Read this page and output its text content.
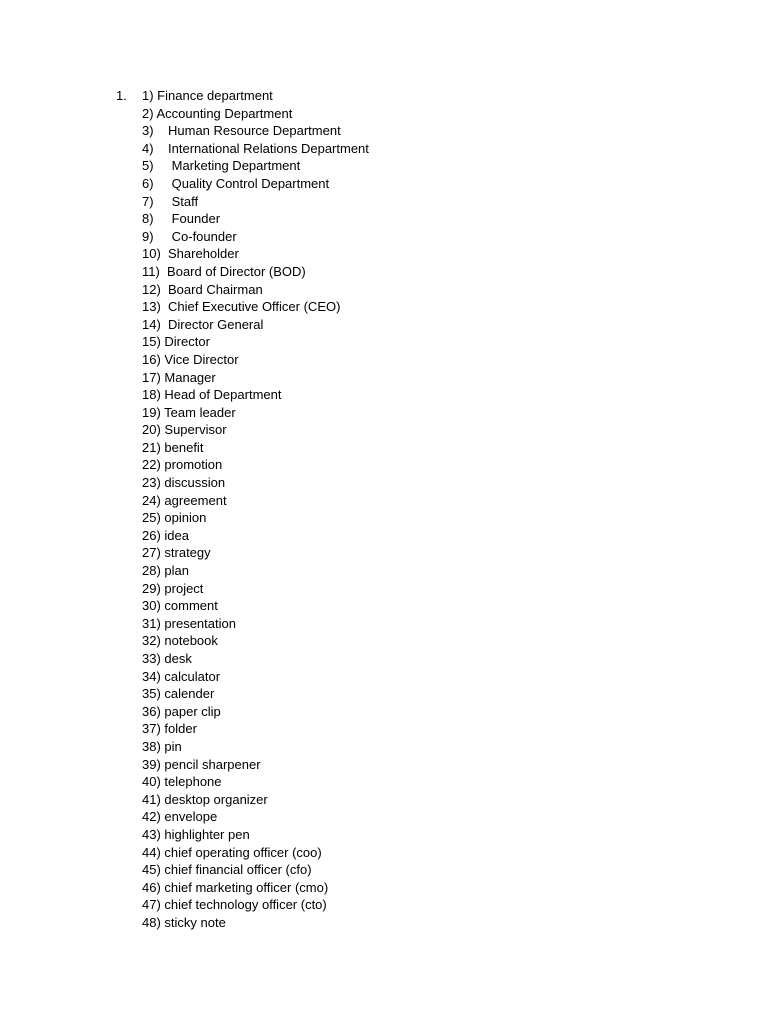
1. 1) Finance department
2) Accounting Department
3)    Human Resource Department
4)    International Relations Department
5)     Marketing Department
6)     Quality Control Department
7)     Staff
8)     Founder
9)     Co-founder
10)  Shareholder
11)  Board of Director (BOD)
12)  Board Chairman
13)  Chief Executive Officer (CEO)
14)  Director General
15) Director
16) Vice Director
17) Manager
18) Head of Department
19) Team leader
20) Supervisor
21) benefit
22) promotion
23) discussion
24) agreement
25) opinion
26) idea
27) strategy
28) plan
29) project
30) comment
31) presentation
32) notebook
33) desk
34) calculator
35) calender
36) paper clip
37) folder
38) pin
39) pencil sharpener
40) telephone
41) desktop organizer
42) envelope
43) highlighter pen
44) chief operating officer (coo)
45) chief financial officer (cfo)
46) chief marketing officer (cmo)
47) chief technology officer (cto)
48) sticky note
